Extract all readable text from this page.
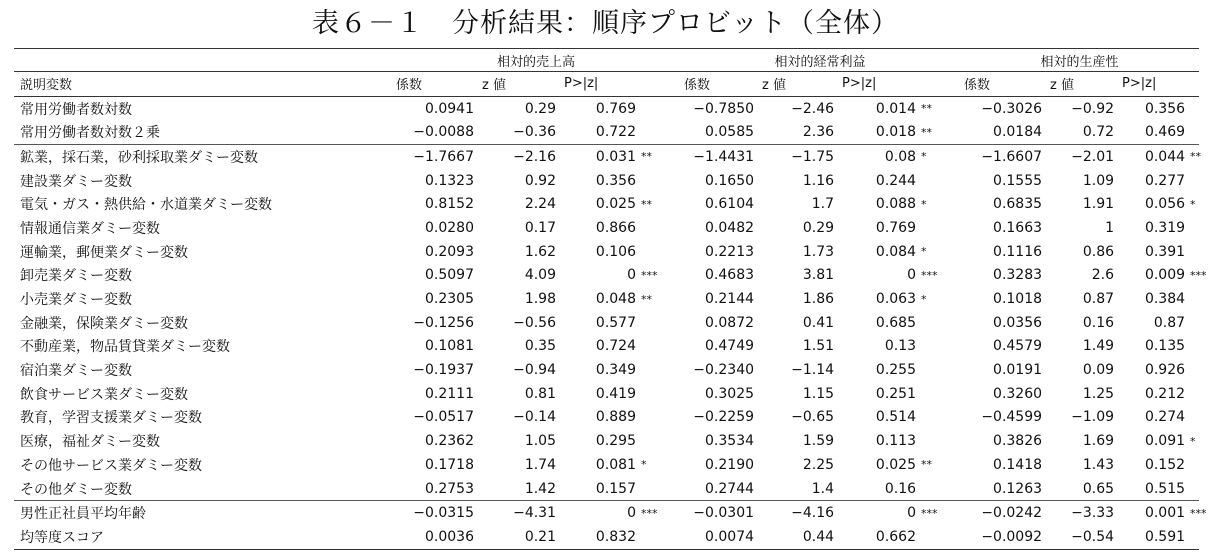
表６－１　分析結果：順序プロビット（全体）
	相対的売上高				相対的経常利益				相対的生産性			
説明変数	係数	z 値	P>|z|		係数	z 値	P>|z|		係数	z 値	P>|z|	
常用労働者数対数	0.0941	0.29	0.769		−0.7850	−2.46	0.014	**	−0.3026	−0.92	0.356	
常用労働者数対数２乗	−0.0088	−0.36	0.722		0.0585	2.36	0.018	**	0.0184	0.72	0.469	
鉱業，採石業，砂利採取業ダミー変数	−1.7667	−2.16	0.031	**	−1.4431	−1.75	0.08	*	−1.6607	−2.01	0.044	**
建設業ダミー変数	0.1323	0.92	0.356		0.1650	1.16	0.244		0.1555	1.09	0.277	
電気・ガス・熱供給・水道業ダミー変数	0.8152	2.24	0.025	**	0.6104	1.7	0.088	*	0.6835	1.91	0.056	*
情報通信業ダミー変数	0.0280	0.17	0.866		0.0482	0.29	0.769		0.1663	1	0.319	
運輸業，郵便業ダミー変数	0.2093	1.62	0.106		0.2213	1.73	0.084	*	0.1116	0.86	0.391	
卸売業ダミー変数	0.5097	4.09	0	***	0.4683	3.81	0	***	0.3283	2.6	0.009	***
小売業ダミー変数	0.2305	1.98	0.048	**	0.2144	1.86	0.063	*	0.1018	0.87	0.384	
金融業，保険業ダミー変数	−0.1256	−0.56	0.577		0.0872	0.41	0.685		0.0356	0.16	0.87	
不動産業，物品賃貸業ダミー変数	0.1081	0.35	0.724		0.4749	1.51	0.13		0.4579	1.49	0.135	
宿泊業ダミー変数	−0.1937	−0.94	0.349		−0.2340	−1.14	0.255		0.0191	0.09	0.926	
飲食サービス業ダミー変数	0.2111	0.81	0.419		0.3025	1.15	0.251		0.3260	1.25	0.212	
教育，学習支援業ダミー変数	−0.0517	−0.14	0.889		−0.2259	−0.65	0.514		−0.4599	−1.09	0.274	
医療，福祉ダミー変数	0.2362	1.05	0.295		0.3534	1.59	0.113		0.3826	1.69	0.091	*
その他サービス業ダミー変数	0.1718	1.74	0.081	*	0.2190	2.25	0.025	**	0.1418	1.43	0.152	
その他ダミー変数	0.2753	1.42	0.157		0.2744	1.4	0.16		0.1263	0.65	0.515	
男性正社員平均年齢	−0.0315	−4.31	0	***	−0.0301	−4.16	0	***	−0.0242	−3.33	0.001	***
均等度スコア	0.0036	0.21	0.832		0.0074	0.44	0.662		−0.0092	−0.54	0.591	
